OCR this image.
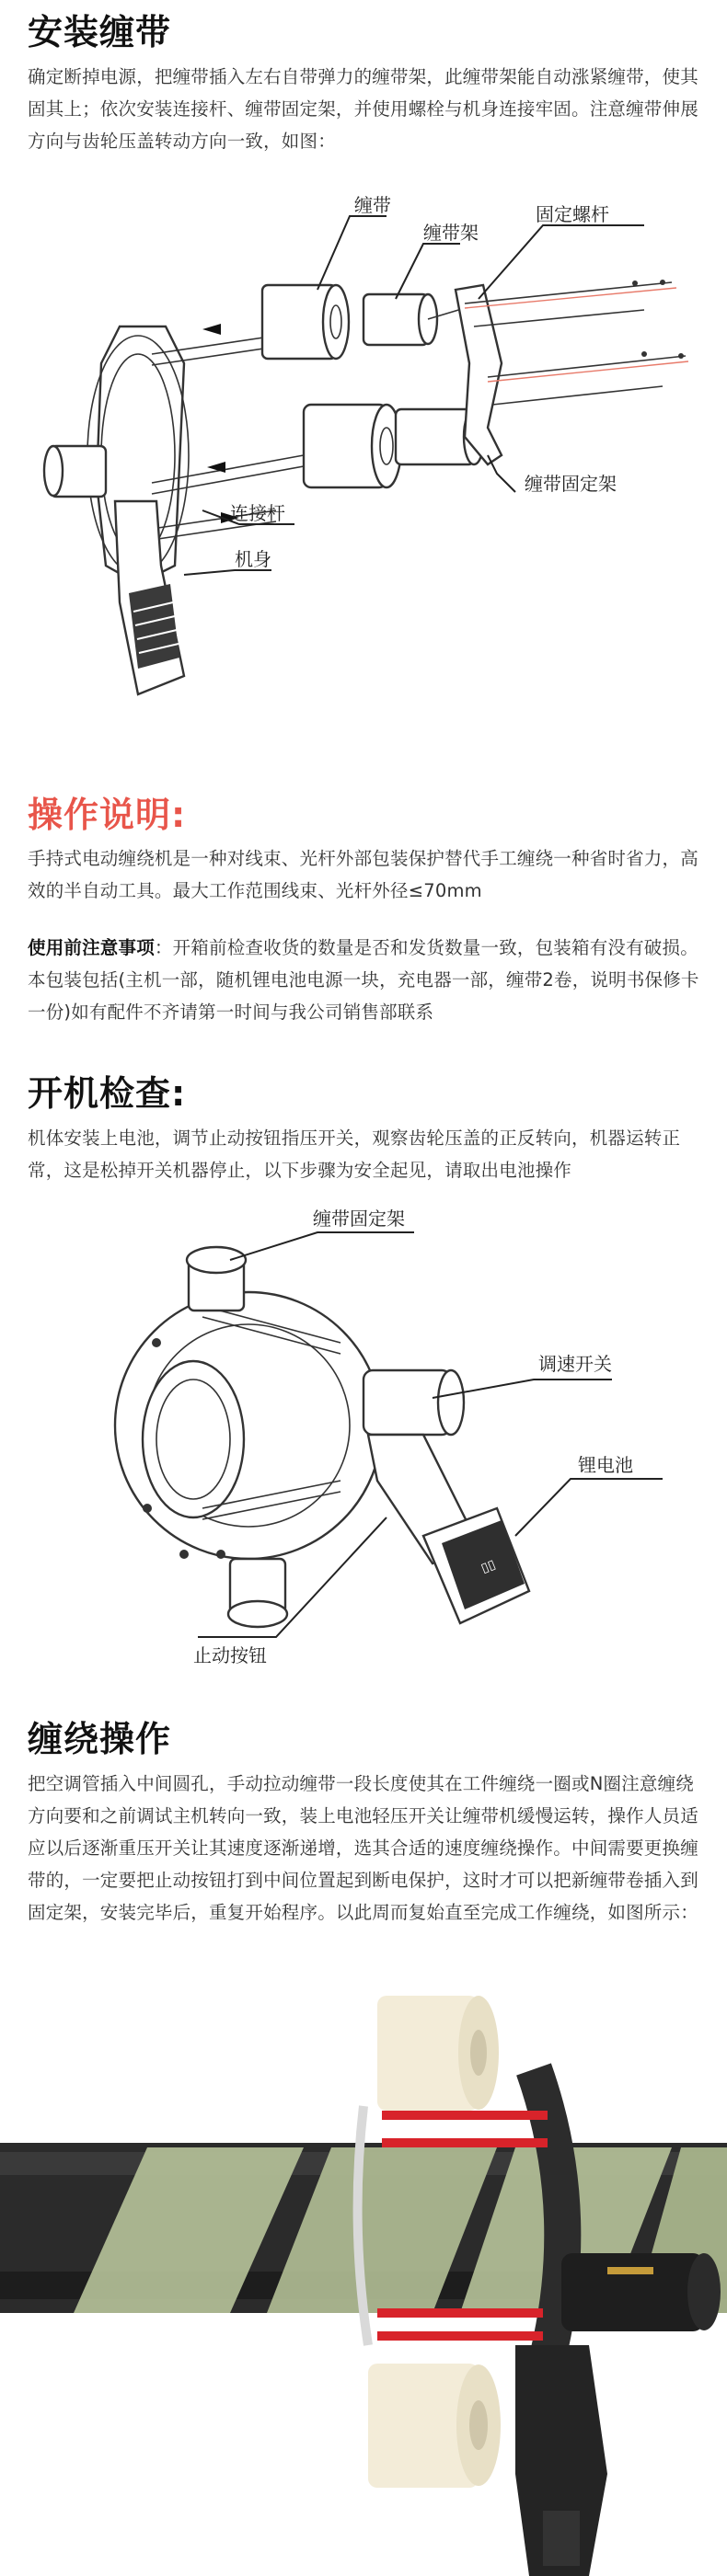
安装缠带
确定断掉电源，把缠带插入左右自带弹力的缠带架，此缠带架能自动涨紧缠带，使其固其上；依次安装连接杆、缠带固定架，并使用螺栓与机身连接牢固。注意缠带伸展方向与齿轮压盖转动方向一致，如图：
缠带
缠带架
固定螺杆
缠带固定架
连接杆
机身
操作说明:
手持式电动缠绕机是一种对线束、光杆外部包装保护替代手工缠绕一种省时省力，高效的半自动工具。最大工作范围线束、光杆外径≤70mm
使用前注意事项：开箱前检查收货的数量是否和发货数量一致，包装箱有没有破损。本包装包括(主机一部，随机锂电池电源一块，充电器一部，缠带2卷，说明书保修卡一份)如有配件不齐请第一时间与我公司销售部联系
开机检查:
机体安装上电池，调节止动按钮指压开关，观察齿轮压盖的正反转向，机器运转正常，这是松掉开关机器停止，以下步骤为安全起见，请取出电池操作
▯▯
缠带固定架
调速开关
锂电池
止动按钮
缠绕操作
把空调管插入中间圆孔，手动拉动缠带一段长度使其在工件缠绕一圈或N圈注意缠绕方向要和之前调试主机转向一致，装上电池轻压开关让缠带机缓慢运转，操作人员适应以后逐渐重压开关让其速度逐渐递增，选其合适的速度缠绕操作。中间需要更换缠带的，一定要把止动按钮打到中间位置起到断电保护，这时才可以把新缠带卷插入到固定架，安装完毕后，重复开始程序。以此周而复始直至完成工作缠绕，如图所示：
